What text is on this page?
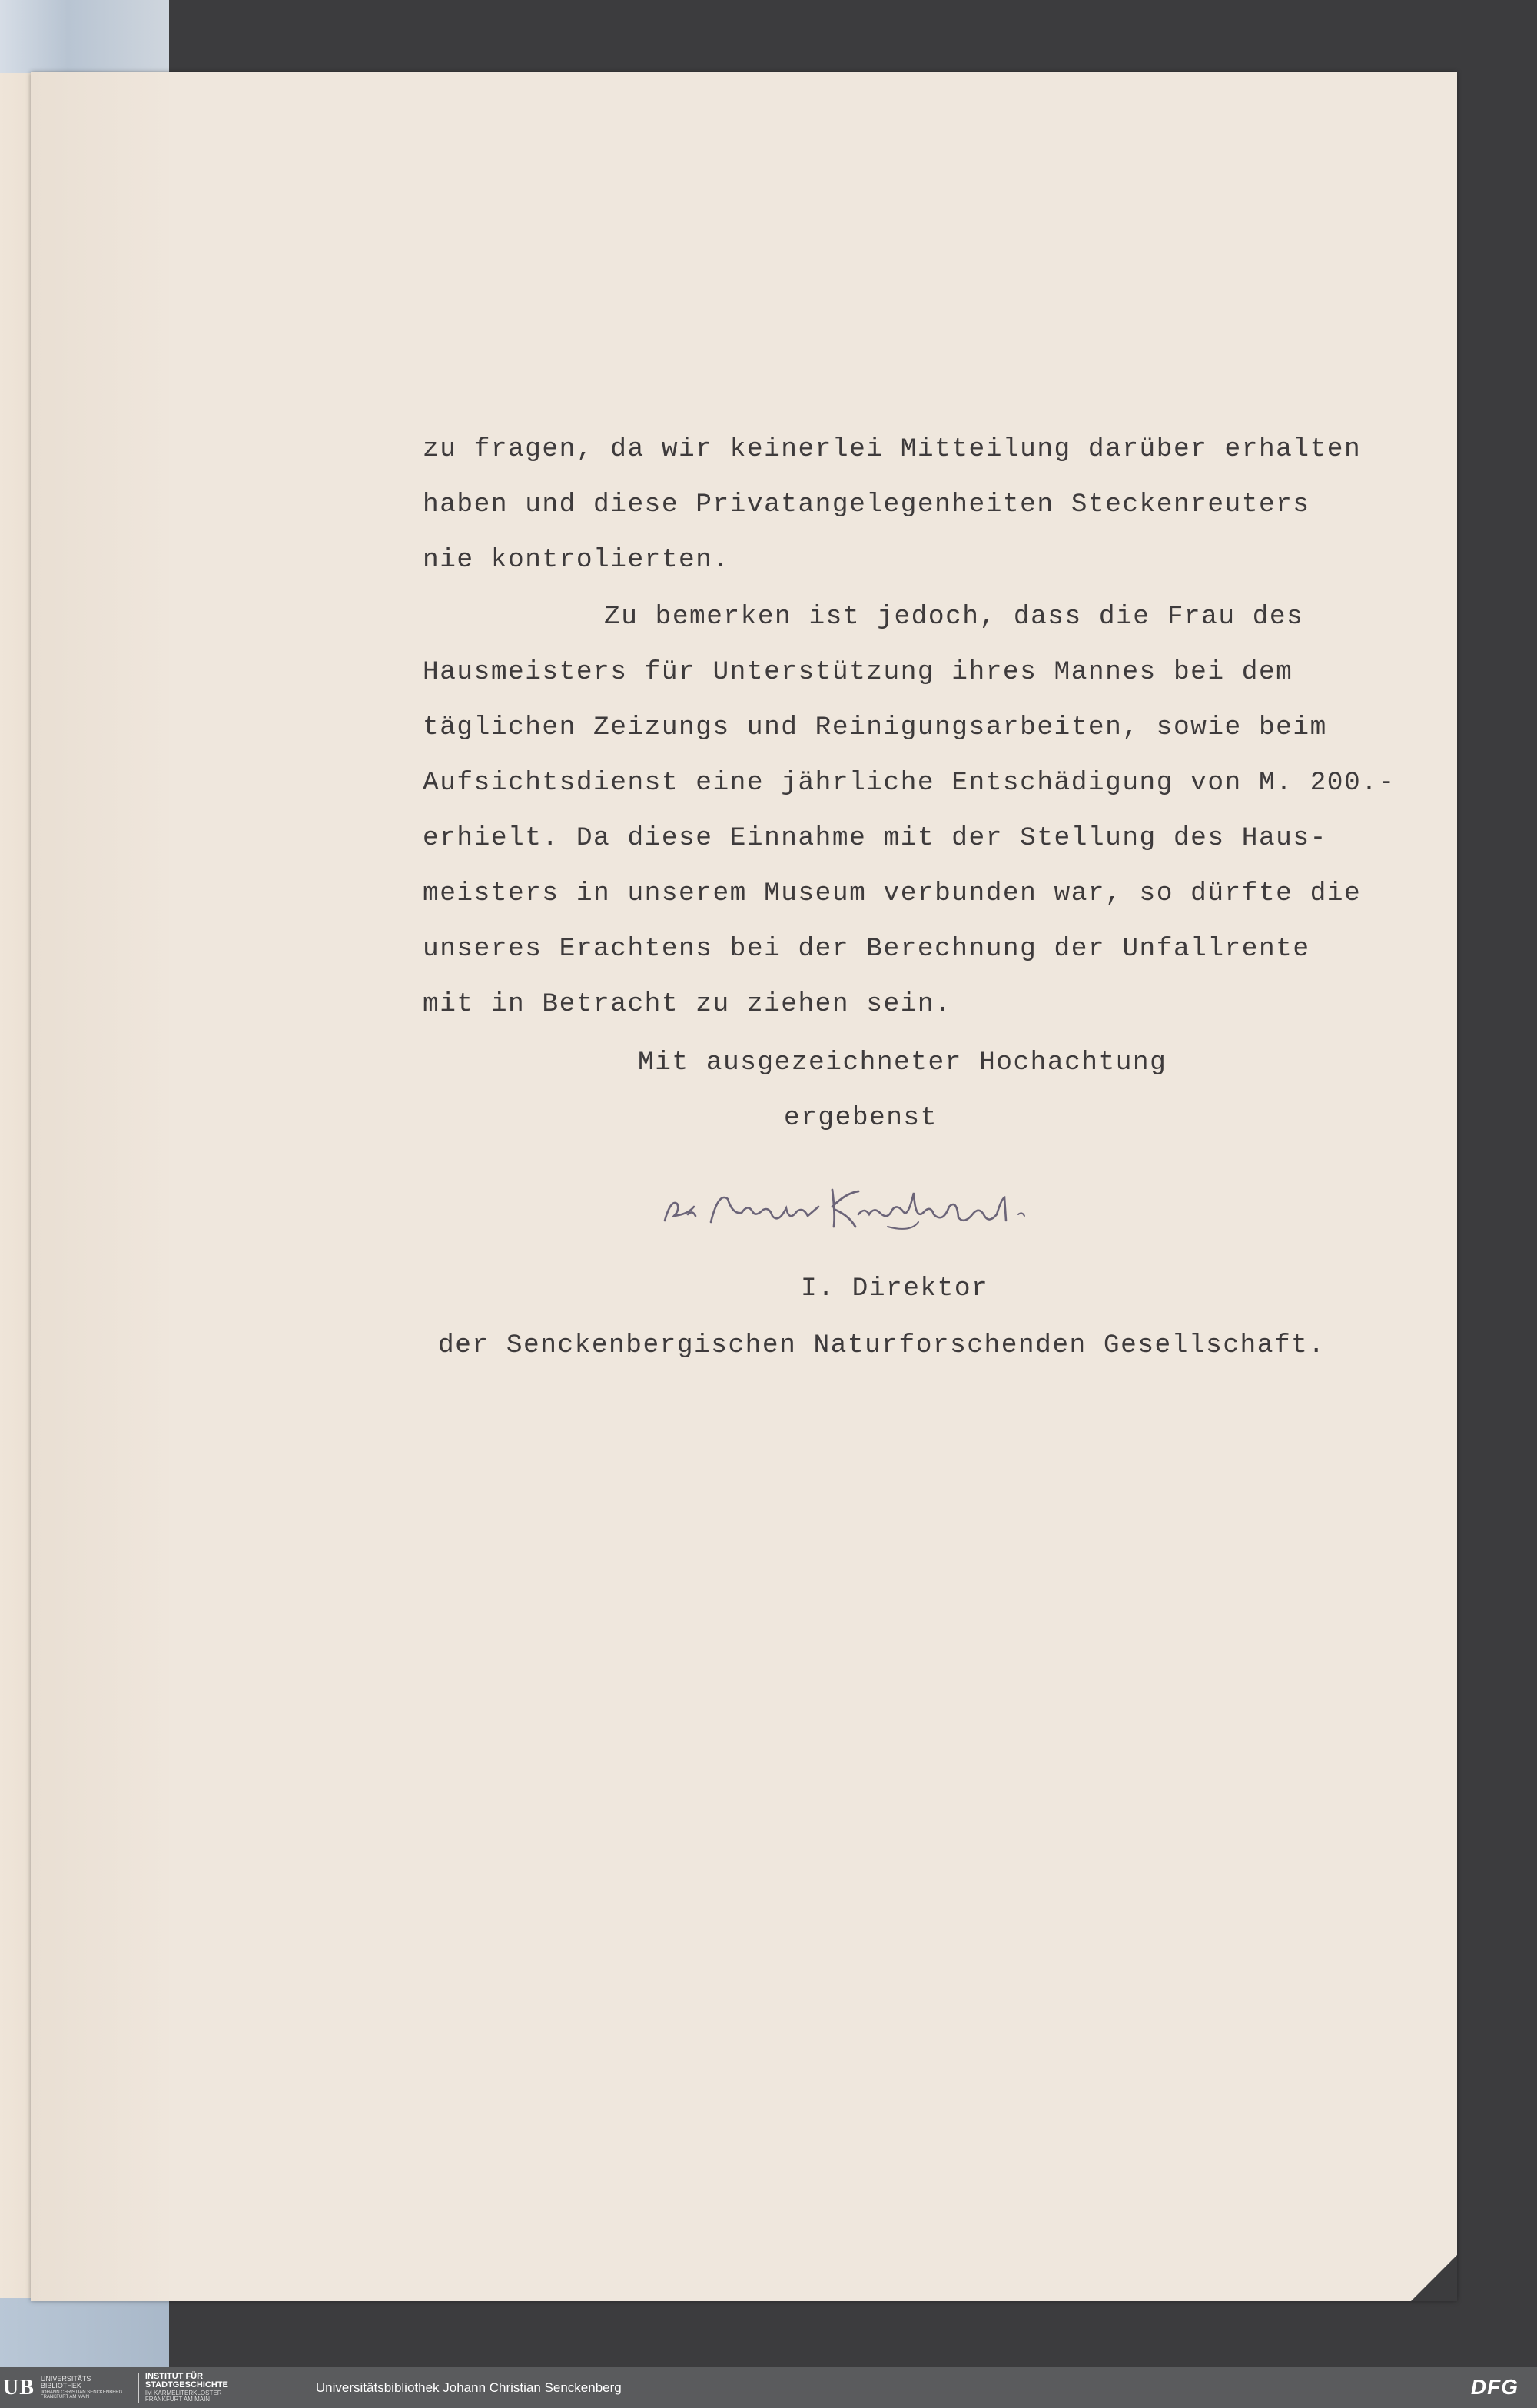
zu fragen, da wir keinerlei Mitteilung darüber erhalten

haben und diese Privatangelegenheiten Steckenreuters

nie kontrolierten.

Zu bemerken ist jedoch, dass die Frau des

Hausmeisters für Unterstützung ihres Mannes bei dem

täglichen Zeizungs und Reinigungsarbeiten, sowie beim

Aufsichtsdienst eine jährliche Entschädigung von M. 200.-

erhielt. Da diese Einnahme mit der Stellung des Haus-

meisters in unserem Museum verbunden war, so dürfte die

unseres Erachtens bei der Berechnung der Unfallrente

mit in Betracht zu ziehen sein.

Mit ausgezeichneter Hochachtung

ergebenst

I. Direktor

der Senckenbergischen Naturforschenden Gesellschaft.

UB UNIVERSITÄTS
BIBLIOTHEK
JOHANN CHRISTIAN SENCKENBERG
FRANKFURT AM MAIN
INSTITUT FÜR
STADTGESCHICHTE
IM KARMELITERKLOSTER
FRANKFURT AM MAIN
Universitätsbibliothek Johann Christian Senckenberg	DFG
